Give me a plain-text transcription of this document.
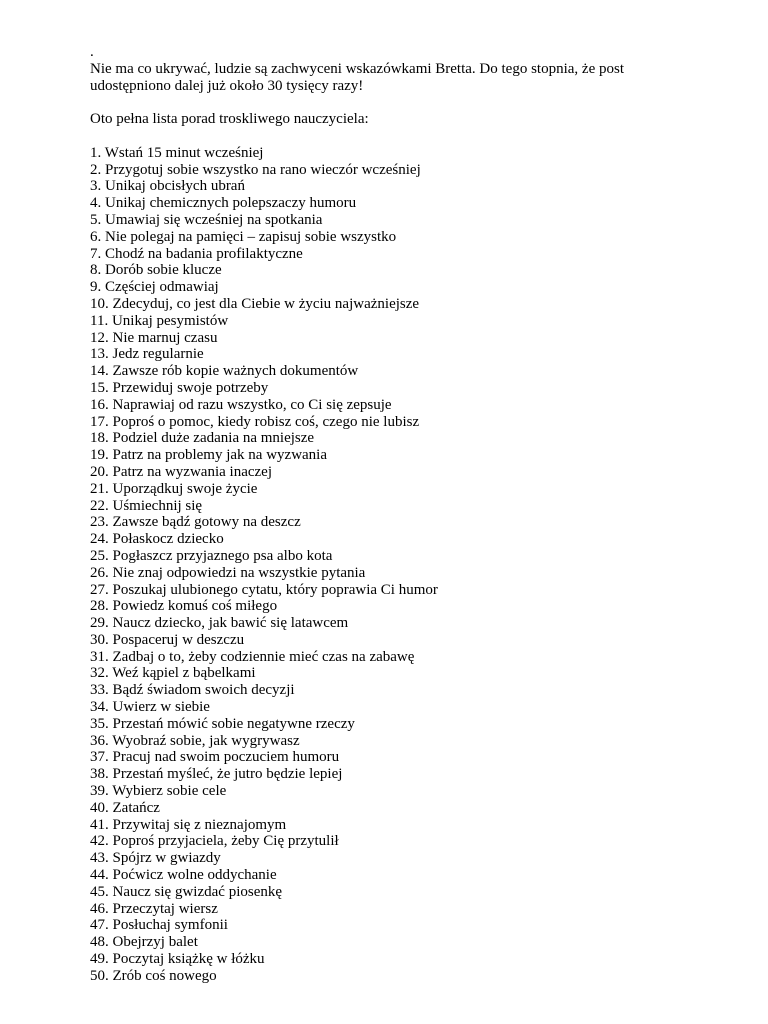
.

Nie ma co ukrywać, ludzie są zachwyceni wskazówkami Bretta. Do tego stopnia, że post

udostępniono dalej już około 30 tysięcy razy!

Oto pełna lista porad troskliwego nauczyciela:

1. Wstań 15 minut wcześniej
2. Przygotuj sobie wszystko na rano wieczór wcześniej
3. Unikaj obcisłych ubrań
4. Unikaj chemicznych polepszaczy humoru
5. Umawiaj się wcześniej na spotkania
6. Nie polegaj na pamięci – zapisuj sobie wszystko
7. Chodź na badania profilaktyczne
8. Dorób sobie klucze
9. Częściej odmawiaj
10. Zdecyduj, co jest dla Ciebie w życiu najważniejsze
11. Unikaj pesymistów
12. Nie marnuj czasu
13. Jedz regularnie
14. Zawsze rób kopie ważnych dokumentów
15. Przewiduj swoje potrzeby
16. Naprawiaj od razu wszystko, co Ci się zepsuje
17. Poproś o pomoc, kiedy robisz coś, czego nie lubisz
18. Podziel duże zadania na mniejsze
19. Patrz na problemy jak na wyzwania
20. Patrz na wyzwania inaczej
21. Uporządkuj swoje życie
22. Uśmiechnij się
23. Zawsze bądź gotowy na deszcz
24. Połaskocz dziecko
25. Pogłaszcz przyjaznego psa albo kota
26. Nie znaj odpowiedzi na wszystkie pytania
27. Poszukaj ulubionego cytatu, który poprawia Ci humor
28. Powiedz komuś coś miłego
29. Naucz dziecko, jak bawić się latawcem
30. Pospaceruj w deszczu
31. Zadbaj o to, żeby codziennie mieć czas na zabawę
32. Weź kąpiel z bąbelkami
33. Bądź świadom swoich decyzji
34. Uwierz w siebie
35. Przestań mówić sobie negatywne rzeczy
36. Wyobraź sobie, jak wygrywasz
37. Pracuj nad swoim poczuciem humoru
38. Przestań myśleć, że jutro będzie lepiej
39. Wybierz sobie cele
40. Zatańcz
41. Przywitaj się z nieznajomym
42. Poproś przyjaciela, żeby Cię przytulił
43. Spójrz w gwiazdy
44. Poćwicz wolne oddychanie
45. Naucz się gwizdać piosenkę
46. Przeczytaj wiersz
47. Posłuchaj symfonii
48. Obejrzyj balet
49. Poczytaj książkę w łóżku
50. Zrób coś nowego
